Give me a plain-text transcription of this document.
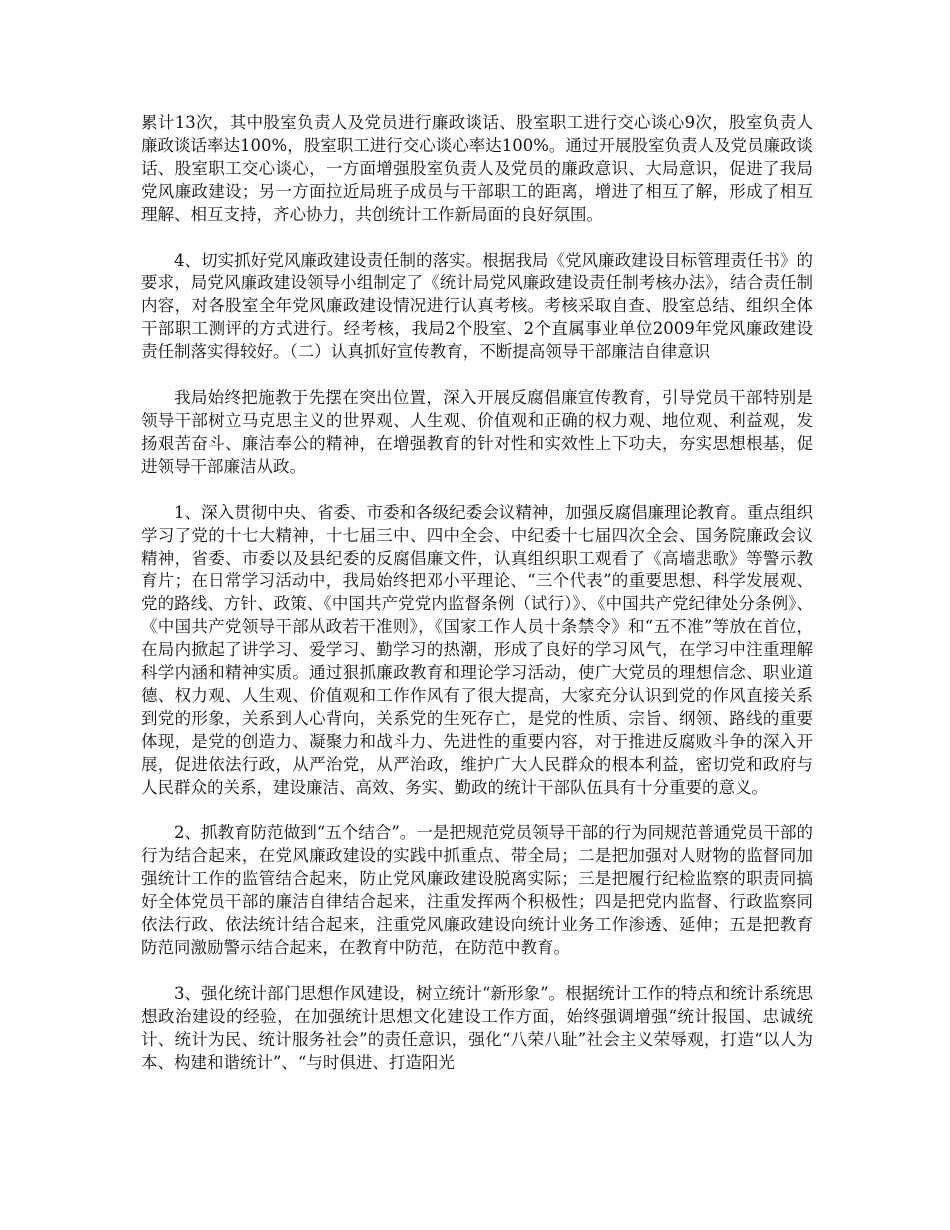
累计13次，其中股室负责人及党员进行廉政谈话、股室职工进行交心谈心9次，股室负责人廉政谈话率达100%，股室职工进行交心谈心率达100%。通过开展股室负责人及党员廉政谈话、股室职工交心谈心，一方面增强股室负责人及党员的廉政意识、大局意识，促进了我局党风廉政建设；另一方面拉近局班子成员与干部职工的距离，增进了相互了解，形成了相互理解、相互支持，齐心协力，共创统计工作新局面的良好氛围。

4、切实抓好党风廉政建设责任制的落实。根据我局《党风廉政建设目标管理责任书》的要求，局党风廉政建设领导小组制定了《统计局党风廉政建设责任制考核办法》，结合责任制内容，对各股室全年党风廉政建设情况进行认真考核。考核采取自查、股室总结、组织全体干部职工测评的方式进行。经考核，我局2个股室、2个直属事业单位2009年党风廉政建设责任制落实得较好。（二）认真抓好宣传教育，不断提高领导干部廉洁自律意识

我局始终把施教于先摆在突出位置，深入开展反腐倡廉宣传教育，引导党员干部特别是领导干部树立马克思主义的世界观、人生观、价值观和正确的权力观、地位观、利益观，发扬艰苦奋斗、廉洁奉公的精神，在增强教育的针对性和实效性上下功夫，夯实思想根基，促进领导干部廉洁从政。

1、深入贯彻中央、省委、市委和各级纪委会议精神，加强反腐倡廉理论教育。重点组织学习了党的十七大精神，十七届三中、四中全会、中纪委十七届四次全会、国务院廉政会议精神，省委、市委以及县纪委的反腐倡廉文件，认真组织职工观看了《高墙悲歌》等警示教育片；在日常学习活动中，我局始终把邓小平理论、“三个代表”的重要思想、科学发展观、党的路线、方针、政策、《中国共产党党内监督条例（试行）》、《中国共产党纪律处分条例》、《中国共产党领导干部从政若干准则》，《国家工作人员十条禁令》和“五不准”等放在首位，在局内掀起了讲学习、爱学习、勤学习的热潮，形成了良好的学习风气，在学习中注重理解科学内涵和精神实质。通过狠抓廉政教育和理论学习活动，使广大党员的理想信念、职业道德、权力观、人生观、价值观和工作作风有了很大提高，大家充分认识到党的作风直接关系到党的形象，关系到人心背向，关系党的生死存亡，是党的性质、宗旨、纲领、路线的重要体现，是党的创造力、凝聚力和战斗力、先进性的重要内容，对于推进反腐败斗争的深入开展，促进依法行政，从严治党，从严治政，维护广大人民群众的根本利益，密切党和政府与人民群众的关系，建设廉洁、高效、务实、勤政的统计干部队伍具有十分重要的意义。

2、抓教育防范做到“五个结合”。一是把规范党员领导干部的行为同规范普通党员干部的行为结合起来，在党风廉政建设的实践中抓重点、带全局；二是把加强对人财物的监督同加强统计工作的监管结合起来，防止党风廉政建设脱离实际；三是把履行纪检监察的职责同搞好全体党员干部的廉洁自律结合起来，注重发挥两个积极性；四是把党内监督、行政监察同依法行政、依法统计结合起来，注重党风廉政建设向统计业务工作渗透、延伸；五是把教育防范同激励警示结合起来，在教育中防范，在防范中教育。

3、强化统计部门思想作风建设，树立统计“新形象”。根据统计工作的特点和统计系统思想政治建设的经验，在加强统计思想文化建设工作方面，始终强调增强“统计报国、忠诚统计、统计为民、统计服务社会”的责任意识，强化“八荣八耻”社会主义荣辱观，打造“以人为本、构建和谐统计”、“与时俱进、打造阳光
